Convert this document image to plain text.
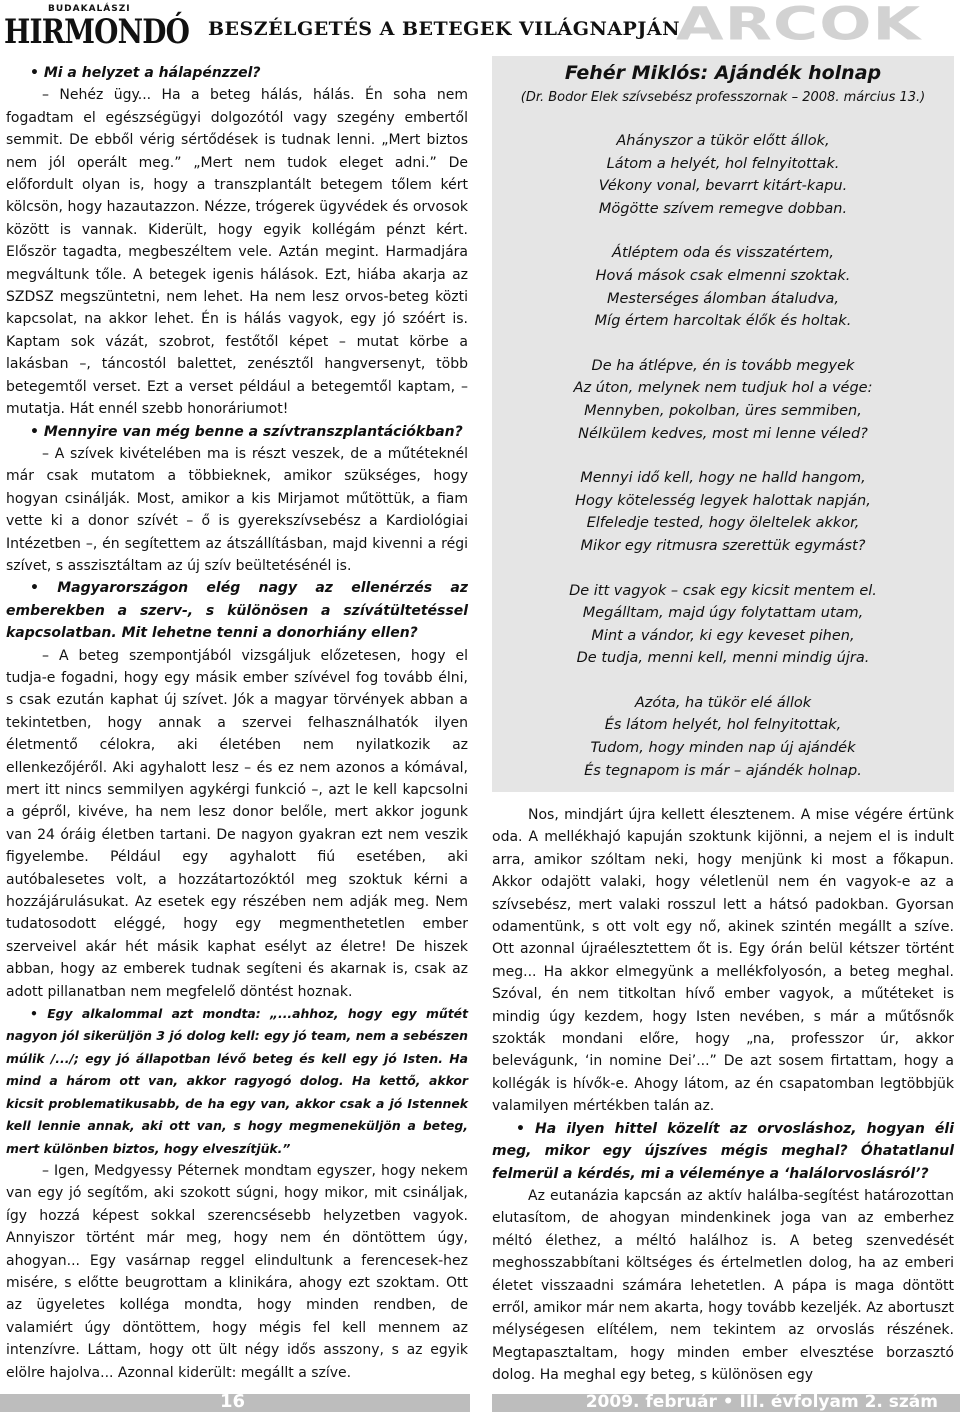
BUDAKALÁSZI
HIRMONDÓ BESZÉLGETÉS A BETEGEK VILÁGNAPJÁN
ARCOK

• Mi a helyzet a hálapénzzel?

– Nehéz ügy... Ha a beteg hálás, hálás. Én soha nem fogadtam el egészségügyi dolgozótól vagy szegény embertől semmit. De ebből vérig sértődések is tudnak lenni. „Mert biztos nem jól operált meg.” „Mert nem tudok eleget adni.” De előfordult olyan is, hogy a transzplantált betegem tőlem kért kölcsön, hogy hazautazzon. Nézze, trógerek ügyvédek és orvosok között is vannak. Kiderült, hogy egyik kollégám pénzt kért. Először tagadta, megbeszéltem vele. Aztán megint. Harmadjára megváltunk tőle. A betegek igenis hálások. Ezt, hiába akarja az SZDSZ megszüntetni, nem lehet. Ha nem lesz orvos-beteg közti kapcsolat, na akkor lehet. Én is hálás vagyok, egy jó szóért is. Kaptam sok vázát, szobrot, festőtől képet – mutat körbe a lakásban –, táncostól balettet, zenésztől hangversenyt, több betegemtől verset. Ezt a verset például a betegemtől kaptam, – mutatja. Hát ennél szebb honoráriumot!

• Mennyire van még benne a szívtranszplantációkban?

– A szívek kivételében ma is részt veszek, de a műtéteknél már csak mutatom a többieknek, amikor szükséges, hogy hogyan csinálják. Most, amikor a kis Mirjamot műtöttük, a fiam vette ki a donor szívét – ő is gyerekszívsebész a Kardiológiai Intézetben –, én segítettem az átszállításban, majd kivenni a régi szívet, s asszisztáltam az új szív beültetésénél is.

• Magyarországon elég nagy az ellenérzés az emberekben a szerv-, s különösen a szívátültetéssel kapcsolatban. Mit lehetne tenni a donorhiány ellen?

– A beteg szempontjából vizsgáljuk előzetesen, hogy el tudja-e fogadni, hogy egy másik ember szívével fog tovább élni, s csak ezután kaphat új szívet. Jók a magyar törvények abban a tekintetben, hogy annak a szervei felhasználhatók ilyen életmentő célokra, aki életében nem nyilatkozik az ellenkezőjéről. Aki agyhalott lesz – és ez nem azonos a kómával, mert itt nincs semmilyen agykérgi funkció –, azt le kell kapcsolni a gépről, kivéve, ha nem lesz donor belőle, mert akkor jogunk van 24 óráig életben tartani. De nagyon gyakran ezt nem veszik figyelembe. Például egy agyhalott fiú esetében, aki autóbalesetes volt, a hozzátartozóktól meg szoktuk kérni a hozzájárulásukat. Az esetek egy részében nem adják meg. Nem tudatosodott eléggé, hogy egy megmenthetetlen ember szerveivel akár hét másik kaphat esélyt az életre! De hiszek abban, hogy az emberek tudnak segíteni és akarnak is, csak az adott pillanatban nem megfelelő döntést hoznak.

• Egy alkalommal azt mondta: „...ahhoz, hogy egy műtét nagyon jól sikerüljön 3 jó dolog kell: egy jó team, nem a sebészen múlik /.../; egy jó állapotban lévő beteg és kell egy jó Isten. Ha mind a három ott van, akkor ragyogó dolog. Ha kettő, akkor kicsit problematikusabb, de ha egy van, akkor csak a jó Istennek kell lennie annak, aki ott van, s hogy megmeneküljön a beteg, mert különben biztos, hogy elveszítjük.”

– Igen, Medgyessy Péternek mondtam egyszer, hogy nekem van egy jó segítőm, aki szokott súgni, hogy mikor, mit csináljak, így hozzá képest sokkal szerencsésebb helyzetben vagyok. Annyiszor történt már meg, hogy nem én döntöttem úgy, ahogyan... Egy vasárnap reggel elindultunk a ferencesek-hez misére, s előtte beugrottam a klinikára, ahogy ezt szoktam. Ott az ügyeletes kolléga mondta, hogy minden rendben, de valamiért úgy döntöttem, hogy mégis fel kell mennem az intenzívre. Láttam, hogy ott ült négy idős asszony, s az egyik elölre hajolva... Azonnal kiderült: megállt a szíve.

Fehér Miklós: Ajándék holnap
(Dr. Bodor Elek szívsebész professzornak – 2008. március 13.)
Ahányszor a tükör előtt állok,
Látom a helyét, hol felnyitottak.
Vékony vonal, bevarrt kitárt-kapu.
Mögötte szívem remegve dobban.
Átléptem oda és visszatértem,
Hová mások csak elmenni szoktak.
Mesterséges álomban átaludva,
Míg értem harcoltak élők és holtak.
De ha átlépve, én is tovább megyek
Az úton, melynek nem tudjuk hol a vége:
Mennyben, pokolban, üres semmiben,
Nélkülem kedves, most mi lenne véled?
Mennyi idő kell, hogy ne halld hangom,
Hogy kötelesség legyek halottak napján,
Elfeledje tested, hogy öleltelek akkor,
Mikor egy ritmusra szerettük egymást?
De itt vagyok – csak egy kicsit mentem el.
Megálltam, majd úgy folytattam utam,
Mint a vándor, ki egy keveset pihen,
De tudja, menni kell, menni mindig újra.
Azóta, ha tükör elé állok
És látom helyét, hol felnyitottak,
Tudom, hogy minden nap új ajándék
És tegnapom is már – ajándék holnap.

Nos, mindjárt újra kellett élesztenem. A mise végére értünk oda. A mellékhajó kapuján szoktunk kijönni, a nejem el is indult arra, amikor szóltam neki, hogy menjünk ki most a főkapun. Akkor odajött valaki, hogy véletlenül nem én vagyok-e az a szívsebész, mert valaki rosszul lett a hátsó padokban. Gyorsan odamentünk, s ott volt egy nő, akinek szintén megállt a szíve. Ott azonnal újraélesztettem őt is. Egy órán belül kétszer történt meg... Ha akkor elmegyünk a mellékfolyosón, a beteg meghal. Szóval, én nem titkoltan hívő ember vagyok, a műtéteket is mindig úgy kezdem, hogy Isten nevében, s már a műtősnők szokták mondani előre, hogy „na, professzor úr, akkor belevágunk, ‘in nomine Dei’...” De azt sosem firtattam, hogy a kollégák is hívők-e. Ahogy látom, az én csapatomban legtöbbjük valamilyen mértékben talán az.

• Ha ilyen hittel közelít az orvosláshoz, hogyan éli meg, mikor egy újszíves mégis meghal? Óhatatlanul felmerül a kérdés, mi a véleménye a ‘halálorvoslásról’?

Az eutanázia kapcsán az aktív halálba-segítést határozottan elutasítom, de ahogyan mindenkinek joga van az emberhez méltó élethez, a méltó halálhoz is. A beteg szenvedését meghosszabbítani költséges és értelmetlen dolog, ha az emberi életet visszaadni számára lehetetlen. A pápa is maga döntött erről, amikor már nem akarta, hogy tovább kezeljék. Az abortuszt mélységesen elítélem, nem tekintem az orvoslás részének. Megtapasztaltam, hogy minden ember elvesztése borzasztó dolog. Ha meghal egy beteg, s különösen egy

16	2009. február • III. évfolyam 2. szám
